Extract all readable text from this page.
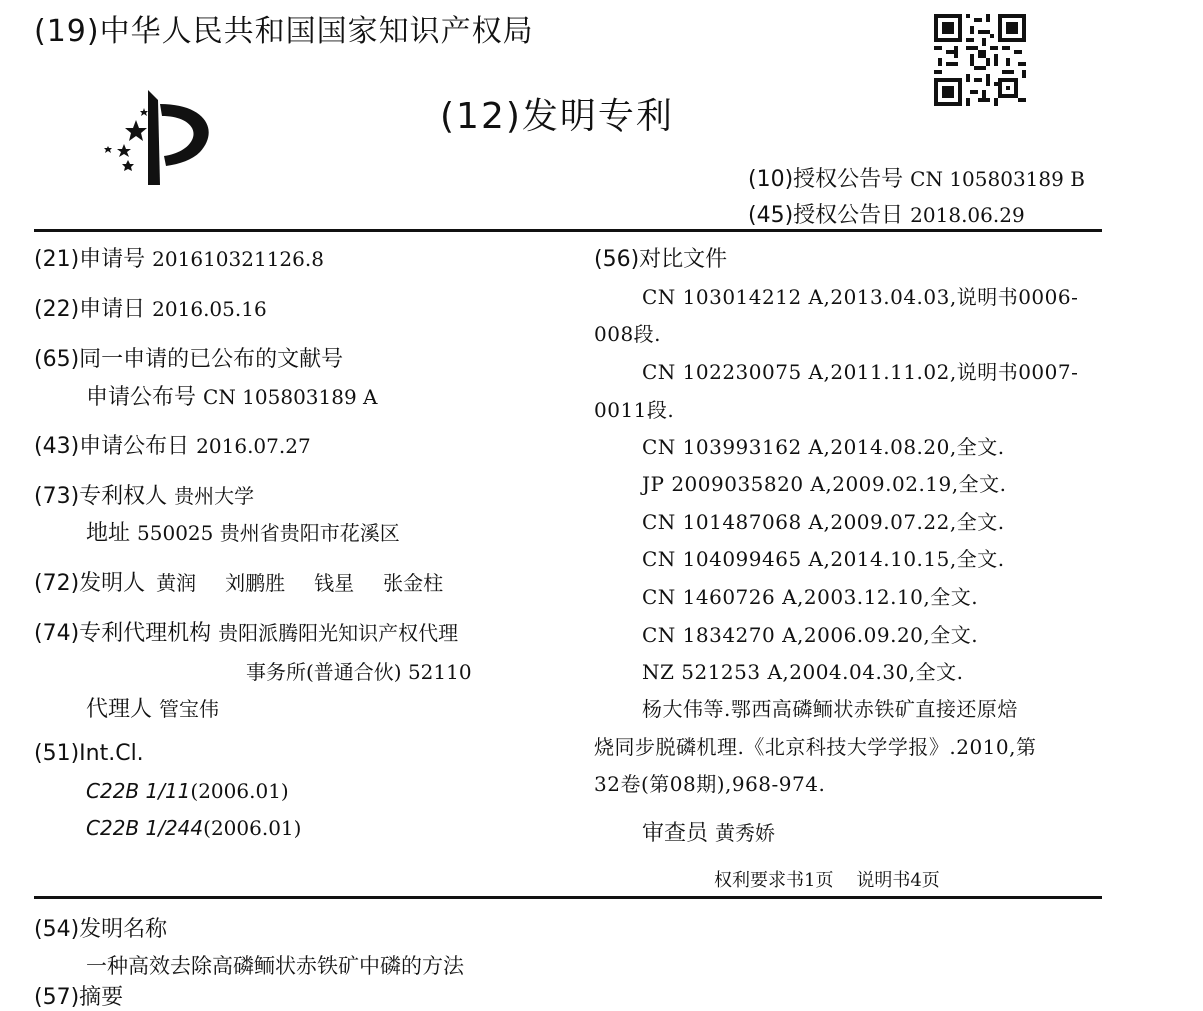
(19)中华人民共和国国家知识产权局
(12)发明专利
(10)授权公告号 CN 105803189 B
(45)授权公告日 2018.06.29
(21)申请号 201610321126.8
(22)申请日 2016.05.16
(65)同一申请的已公布的文献号
申请公布号 CN 105803189 A
(43)申请公布日 2016.07.27
(73)专利权人 贵州大学
地址 550025 贵州省贵阳市花溪区
(72)发明人 黄润 刘鹏胜 钱星 张金柱
(74)专利代理机构 贵阳派腾阳光知识产权代理
事务所(普通合伙) 52110
代理人 管宝伟
(51)Int.Cl.
C22B 1/11(2006.01)
C22B 1/244(2006.01)
(56)对比文件
CN 103014212 A,2013.04.03,说明书0006-
008段.
CN 102230075 A,2011.11.02,说明书0007-
0011段.
CN 103993162 A,2014.08.20,全文.
JP 2009035820 A,2009.02.19,全文.
CN 101487068 A,2009.07.22,全文.
CN 104099465 A,2014.10.15,全文.
CN 1460726 A,2003.12.10,全文.
CN 1834270 A,2006.09.20,全文.
NZ 521253 A,2004.04.30,全文.
杨大伟等.鄂西高磷鲕状赤铁矿直接还原焙
烧同步脱磷机理.《北京科技大学学报》.2010,第
32卷(第08期),968-974.
审查员 黄秀娇
权利要求书1页    说明书4页
(54)发明名称
一种高效去除高磷鲕状赤铁矿中磷的方法
(57)摘要
